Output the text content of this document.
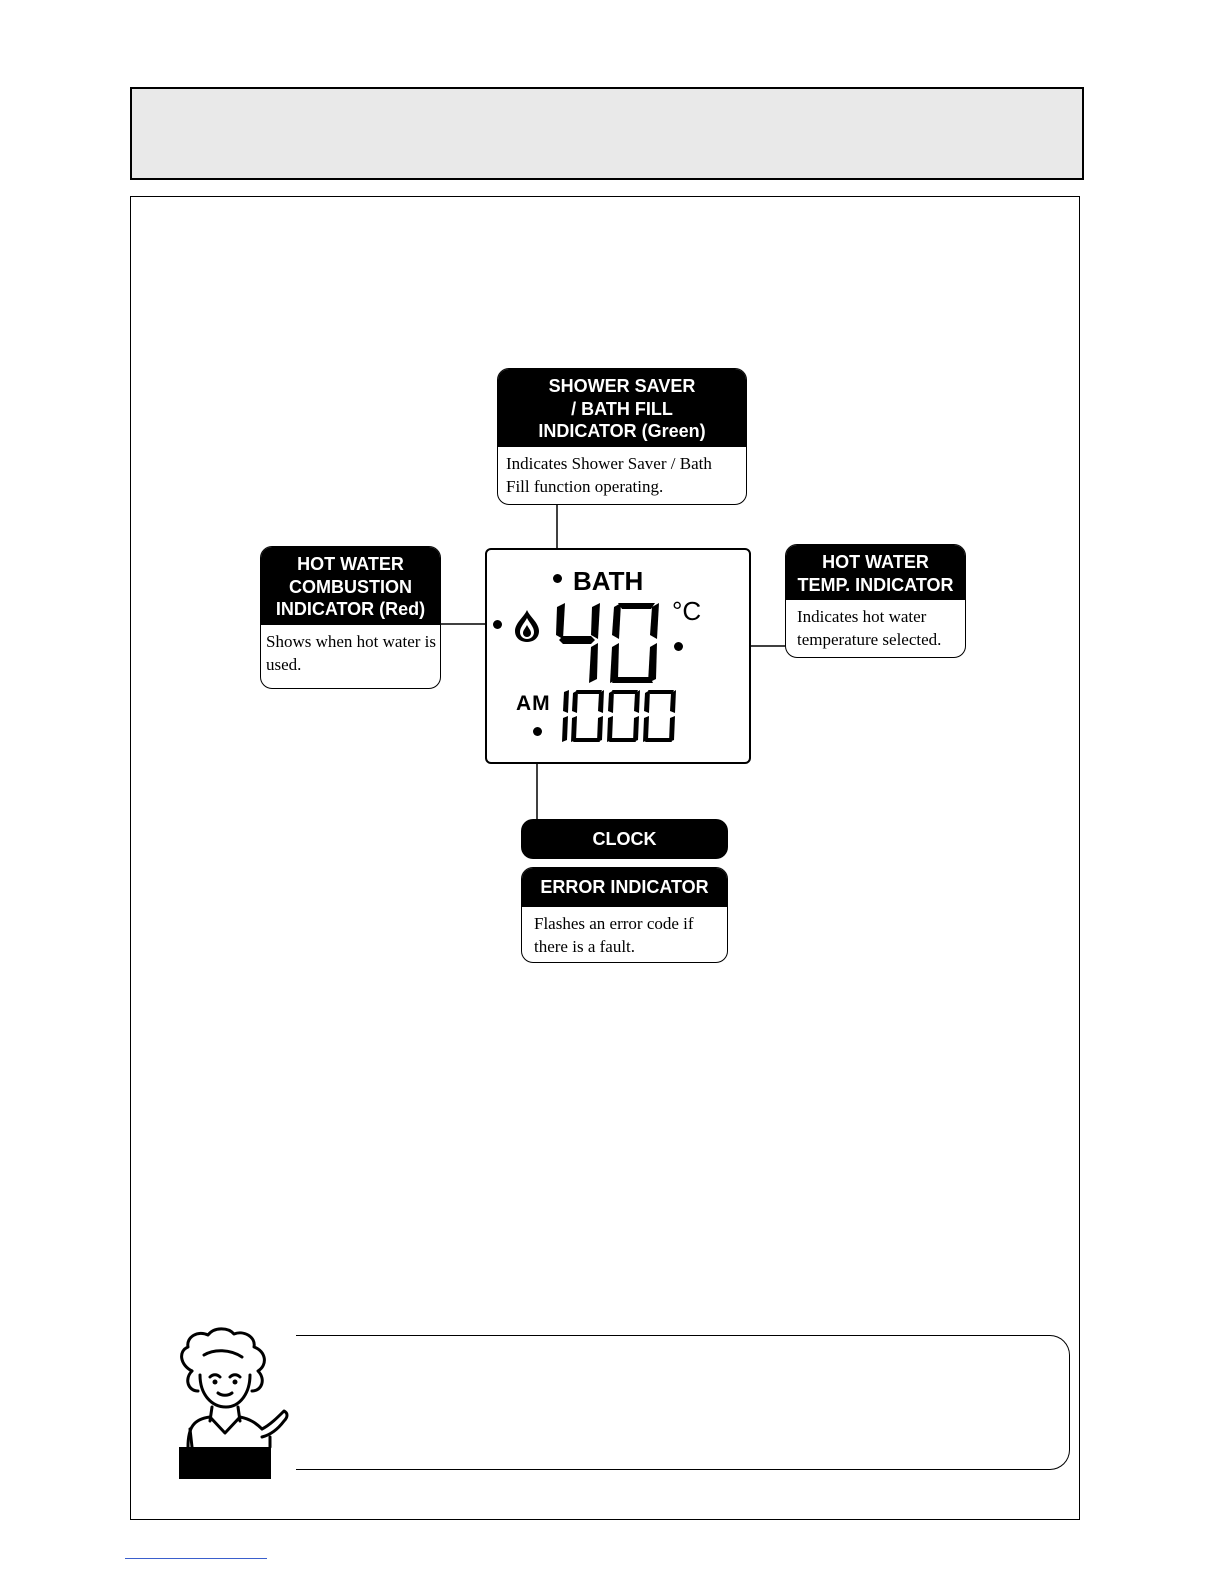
SHOWER SAVER
/ BATH FILL
INDICATOR (Green)
Indicates Shower Saver / Bath Fill function operating.
HOT WATER
COMBUSTION
INDICATOR (Red)
Shows when hot water is used.
HOT WATER
TEMP. INDICATOR
Indicates hot water temperature selected.
BATH
°C
AM
CLOCK
ERROR INDICATOR
Flashes an error code if there is a fault.
